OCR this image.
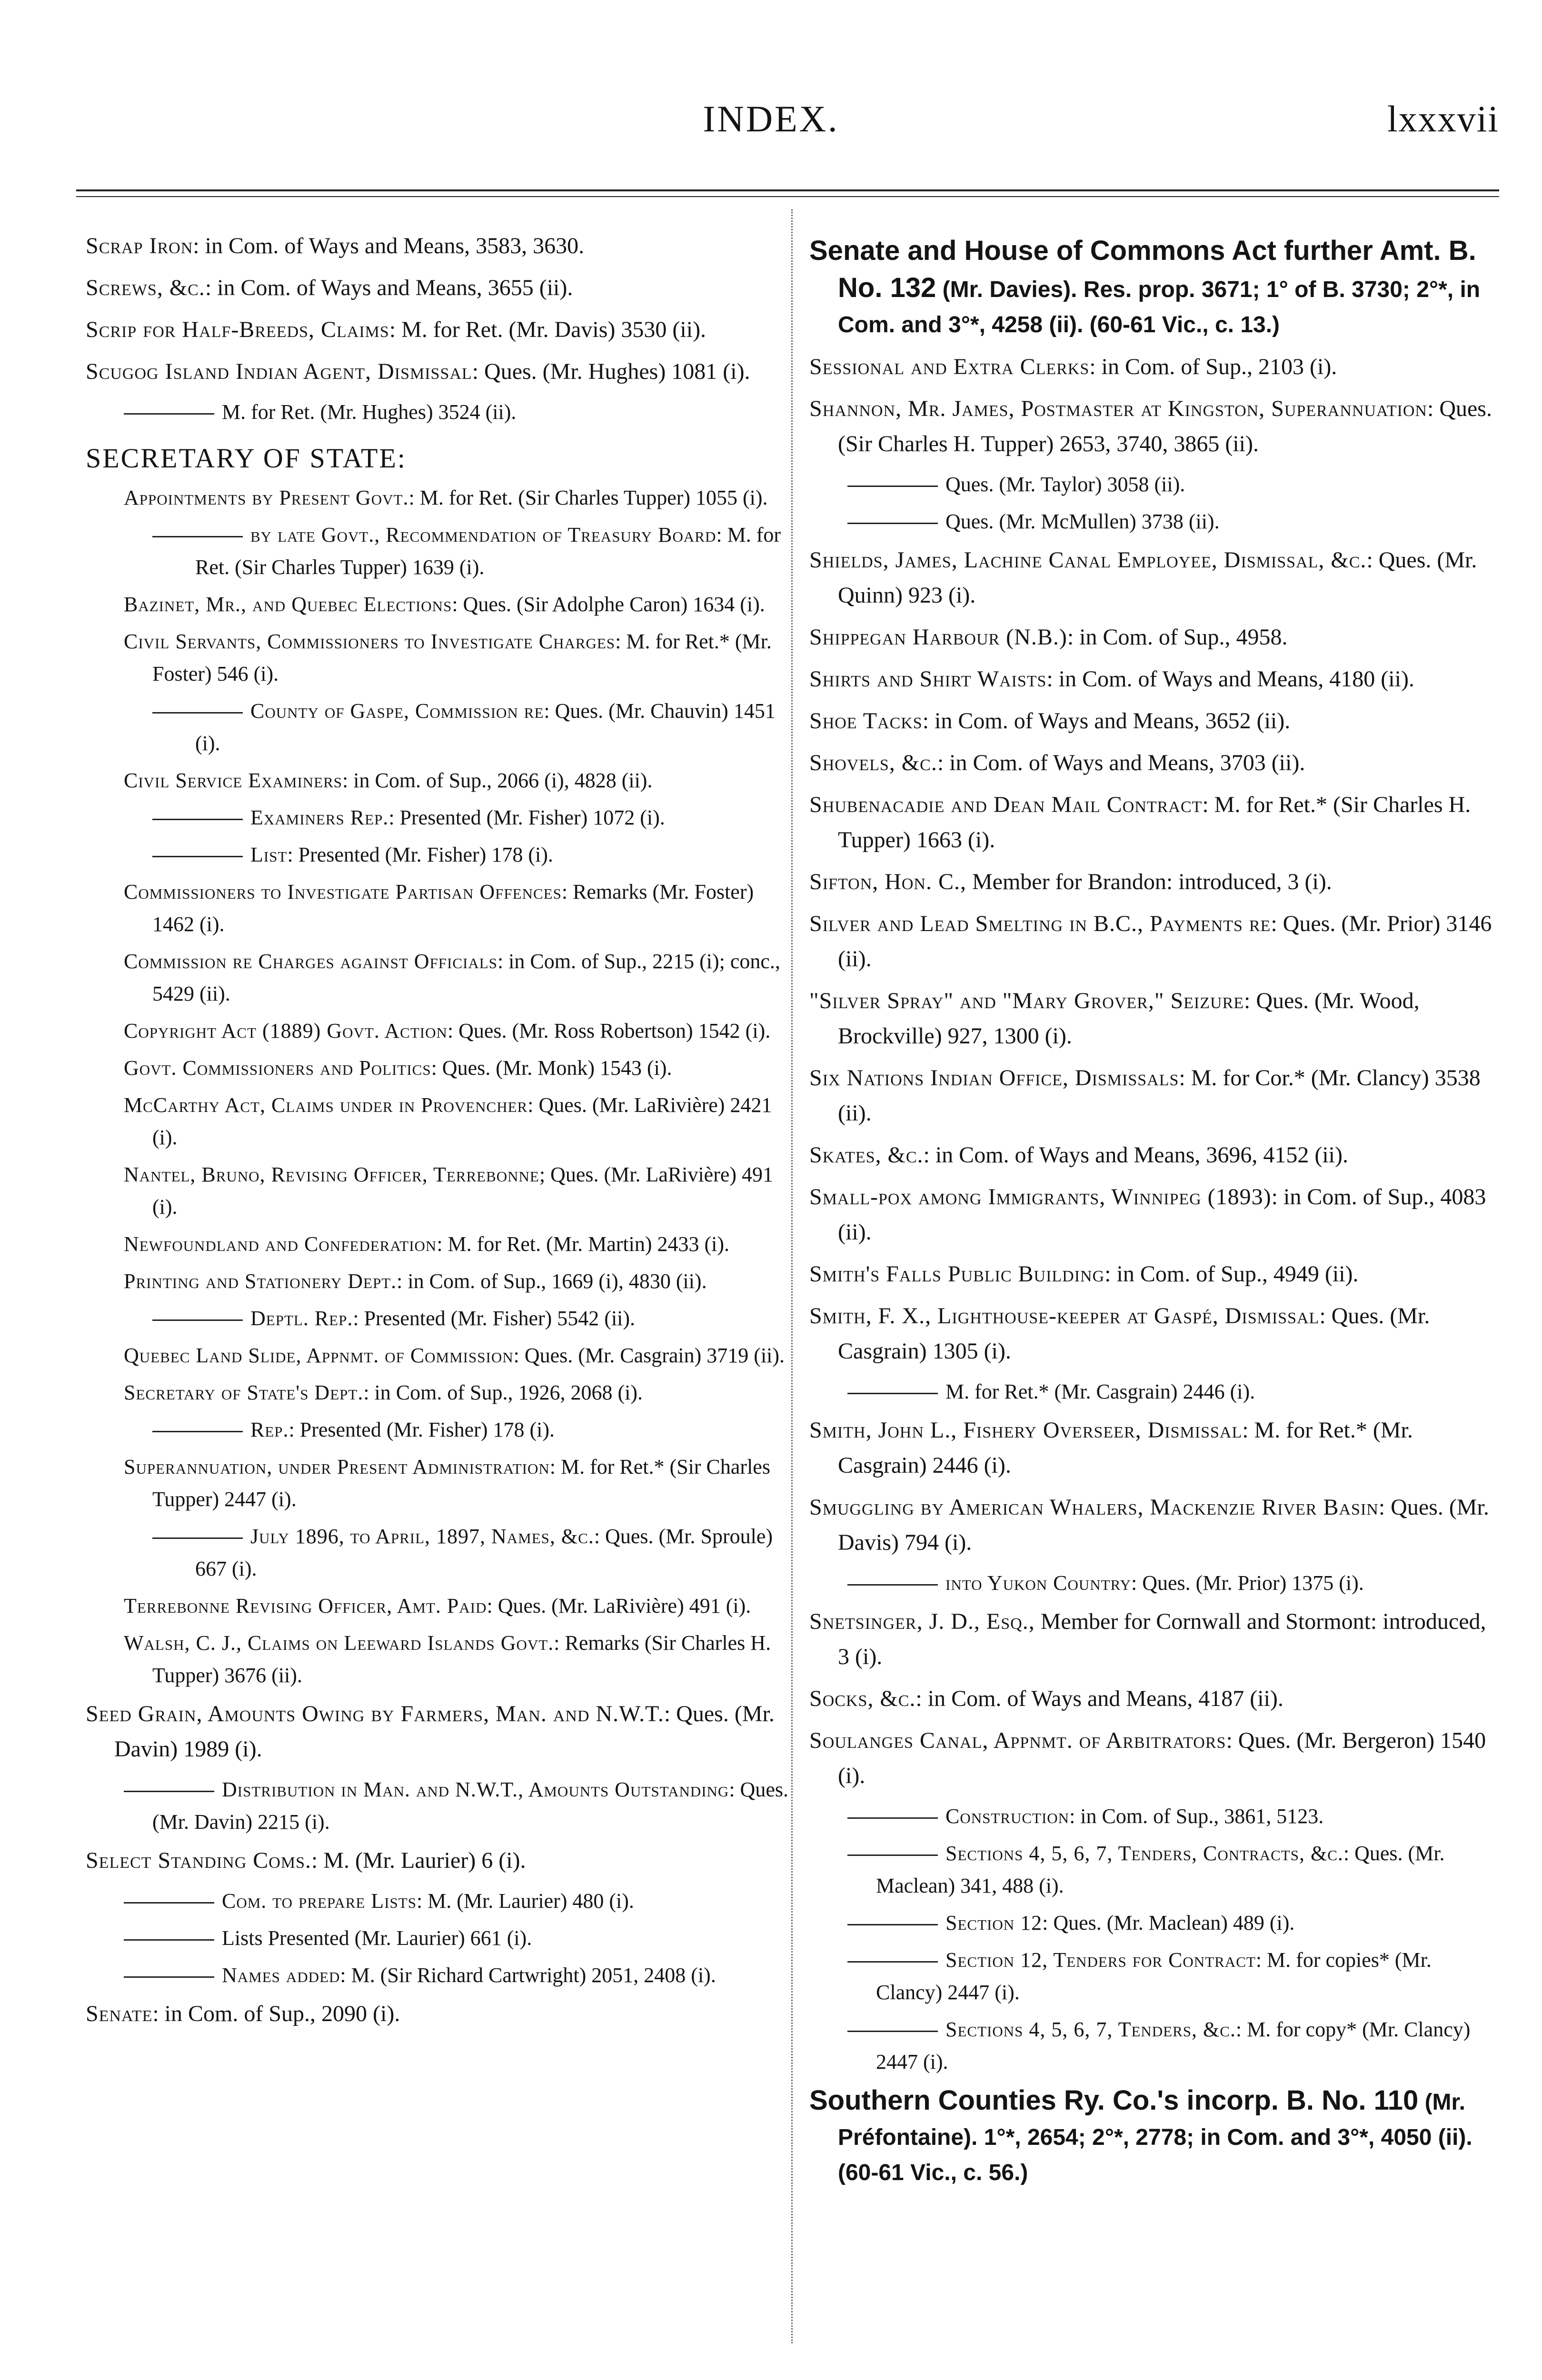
INDEX.	lxxxvii

Scrap Iron: in Com. of Ways and Means, 3583, 3630.

Screws, &c.: in Com. of Ways and Means, 3655 (ii).

Scrip for Half-Breeds, Claims: M. for Ret. (Mr. Davis) 3530 (ii).

Scugog Island Indian Agent, Dismissal: Ques. (Mr. Hughes) 1081 (i).

M. for Ret. (Mr. Hughes) 3524 (ii).

SECRETARY OF STATE:

Appointments by Present Govt.: M. for Ret. (Sir Charles Tupper) 1055 (i).

by late Govt., Recommendation of Treasury Board: M. for Ret. (Sir Charles Tupper) 1639 (i).

Bazinet, Mr., and Quebec Elections: Ques. (Sir Adolphe Caron) 1634 (i).

Civil Servants, Commissioners to Investigate Charges: M. for Ret.* (Mr. Foster) 546 (i).

County of Gaspe, Commission re: Ques. (Mr. Chauvin) 1451 (i).

Civil Service Examiners: in Com. of Sup., 2066 (i), 4828 (ii).

Examiners Rep.: Presented (Mr. Fisher) 1072 (i).

List: Presented (Mr. Fisher) 178 (i).

Commissioners to Investigate Partisan Offences: Remarks (Mr. Foster) 1462 (i).

Commission re Charges against Officials: in Com. of Sup., 2215 (i); conc., 5429 (ii).

Copyright Act (1889) Govt. Action: Ques. (Mr. Ross Robertson) 1542 (i).

Govt. Commissioners and Politics: Ques. (Mr. Monk) 1543 (i).

McCarthy Act, Claims under in Provencher: Ques. (Mr. LaRivière) 2421 (i).

Nantel, Bruno, Revising Officer, Terrebonne; Ques. (Mr. LaRivière) 491 (i).

Newfoundland and Confederation: M. for Ret. (Mr. Martin) 2433 (i).

Printing and Stationery Dept.: in Com. of Sup., 1669 (i), 4830 (ii).

Deptl. Rep.: Presented (Mr. Fisher) 5542 (ii).

Quebec Land Slide, Appnmt. of Commission: Ques. (Mr. Casgrain) 3719 (ii).

Secretary of State's Dept.: in Com. of Sup., 1926, 2068 (i).

Rep.: Presented (Mr. Fisher) 178 (i).

Superannuation, under Present Administration: M. for Ret.* (Sir Charles Tupper) 2447 (i).

July 1896, to April, 1897, Names, &c.: Ques. (Mr. Sproule) 667 (i).

Terrebonne Revising Officer, Amt. Paid: Ques. (Mr. LaRivière) 491 (i).

Walsh, C. J., Claims on Leeward Islands Govt.: Remarks (Sir Charles H. Tupper) 3676 (ii).

Seed Grain, Amounts Owing by Farmers, Man. and N.W.T.: Ques. (Mr. Davin) 1989 (i).

Distribution in Man. and N.W.T., Amounts Outstanding: Ques. (Mr. Davin) 2215 (i).

Select Standing Coms.: M. (Mr. Laurier) 6 (i).

Com. to prepare Lists: M. (Mr. Laurier) 480 (i).

Lists Presented (Mr. Laurier) 661 (i).

Names added: M. (Sir Richard Cartwright) 2051, 2408 (i).

Senate: in Com. of Sup., 2090 (i).

Senate and House of Commons Act further Amt. B. No. 132 (Mr. Davies). Res. prop. 3671; 1° of B. 3730; 2°*, in Com. and 3°*, 4258 (ii). (60-61 Vic., c. 13.)

Sessional and Extra Clerks: in Com. of Sup., 2103 (i).

Shannon, Mr. James, Postmaster at Kingston, Superannuation: Ques. (Sir Charles H. Tupper) 2653, 3740, 3865 (ii).

Ques. (Mr. Taylor) 3058 (ii).

Ques. (Mr. McMullen) 3738 (ii).

Shields, James, Lachine Canal Employee, Dismissal, &c.: Ques. (Mr. Quinn) 923 (i).

Shippegan Harbour (N.B.): in Com. of Sup., 4958.

Shirts and Shirt Waists: in Com. of Ways and Means, 4180 (ii).

Shoe Tacks: in Com. of Ways and Means, 3652 (ii).

Shovels, &c.: in Com. of Ways and Means, 3703 (ii).

Shubenacadie and Dean Mail Contract: M. for Ret.* (Sir Charles H. Tupper) 1663 (i).

Sifton, Hon. C., Member for Brandon: introduced, 3 (i).

Silver and Lead Smelting in B.C., Payments re: Ques. (Mr. Prior) 3146 (ii).

"Silver Spray" and "Mary Grover," Seizure: Ques. (Mr. Wood, Brockville) 927, 1300 (i).

Six Nations Indian Office, Dismissals: M. for Cor.* (Mr. Clancy) 3538 (ii).

Skates, &c.: in Com. of Ways and Means, 3696, 4152 (ii).

Small-pox among Immigrants, Winnipeg (1893): in Com. of Sup., 4083 (ii).

Smith's Falls Public Building: in Com. of Sup., 4949 (ii).

Smith, F. X., Lighthouse-keeper at Gaspé, Dismissal: Ques. (Mr. Casgrain) 1305 (i).

M. for Ret.* (Mr. Casgrain) 2446 (i).

Smith, John L., Fishery Overseer, Dismissal: M. for Ret.* (Mr. Casgrain) 2446 (i).

Smuggling by American Whalers, Mackenzie River Basin: Ques. (Mr. Davis) 794 (i).

into Yukon Country: Ques. (Mr. Prior) 1375 (i).

Snetsinger, J. D., Esq., Member for Cornwall and Stormont: introduced, 3 (i).

Socks, &c.: in Com. of Ways and Means, 4187 (ii).

Soulanges Canal, Appnmt. of Arbitrators: Ques. (Mr. Bergeron) 1540 (i).

Construction: in Com. of Sup., 3861, 5123.

Sections 4, 5, 6, 7, Tenders, Contracts, &c.: Ques. (Mr. Maclean) 341, 488 (i).

Section 12: Ques. (Mr. Maclean) 489 (i).

Section 12, Tenders for Contract: M. for copies* (Mr. Clancy) 2447 (i).

Sections 4, 5, 6, 7, Tenders, &c.: M. for copy* (Mr. Clancy) 2447 (i).

Southern Counties Ry. Co.'s incorp. B. No. 110 (Mr. Préfontaine). 1°*, 2654; 2°*, 2778; in Com. and 3°*, 4050 (ii). (60-61 Vic., c. 56.)
